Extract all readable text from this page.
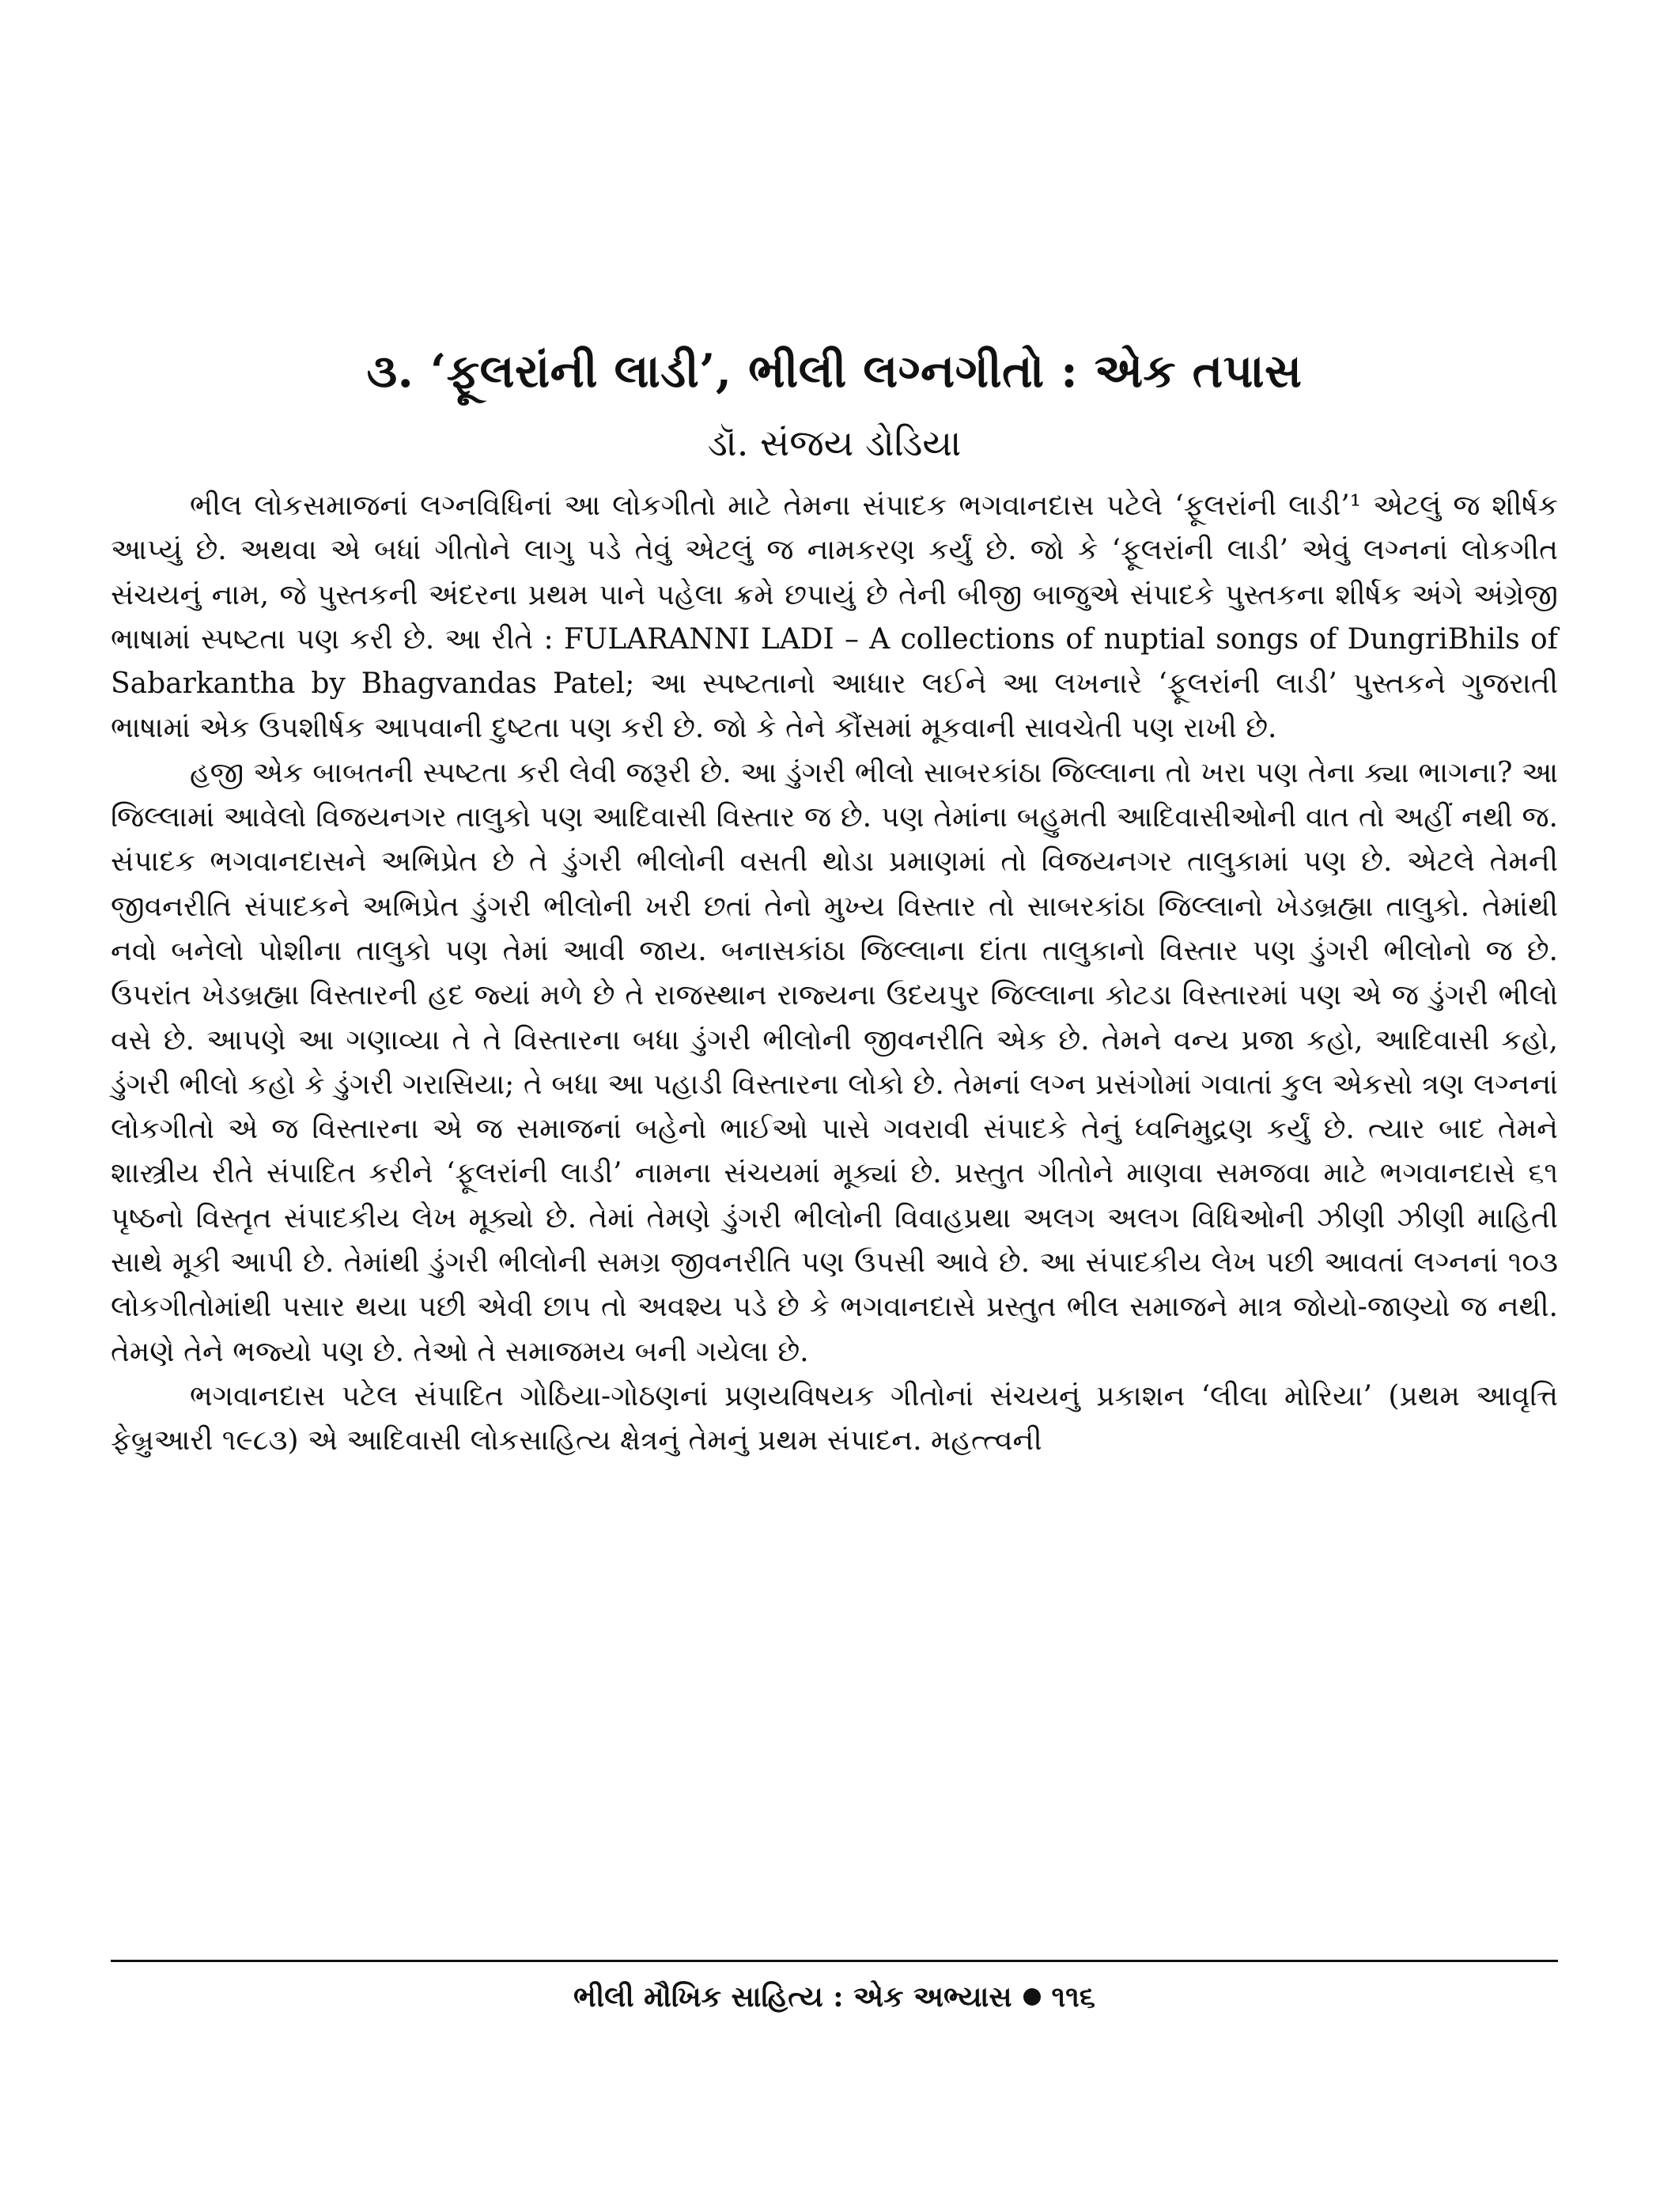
૩. ‘ફૂલરાંની લાડી’, ભીલી લગ્નગીતો : એક તપાસ
ડૉ. સંજય ડોડિયા

ભીલ લોકસમાજનાં લગ્નવિધિનાં આ લોકગીતો માટે તેમના સંપાદક ભગવાનદાસ પટેલે ‘ફૂલરાંની લાડી’¹ એટલું જ શીર્ષક આપ્યું છે. અથવા એ બધાં ગીતોને લાગુ પડે તેવું એટલું જ નામકરણ કર્યું છે. જો કે ‘ફૂલરાંની લાડી’ એવું લગ્નનાં લોકગીત સંચયનું નામ, જે પુસ્તકની અંદરના પ્રથમ પાને પહેલા ક્રમે છપાયું છે તેની બીજી બાજુએ સંપાદકે પુસ્તકના શીર્ષક અંગે અંગ્રેજી ભાષામાં સ્પષ્ટતા પણ કરી છે. આ રીતે : FULARANNI LADI – A collections of nuptial songs of DungriBhils of Sabarkantha by Bhagvandas Patel; આ સ્પષ્ટતાનો આધાર લઈને આ લખનારે ‘ફૂલરાંની લાડી’ પુસ્તકને ગુજરાતી ભાષામાં એક ઉપશીર્ષક આપવાની દુષ્ટતા પણ કરી છે. જો કે તેને કૌંસમાં મૂકવાની સાવચેતી પણ રાખી છે.

હજી એક બાબતની સ્પષ્ટતા કરી લેવી જરૂરી છે. આ ડુંગરી ભીલો સાબરકાંઠા જિલ્લાના તો ખરા પણ તેના ક્યા ભાગના? આ જિલ્લામાં આવેલો વિજયનગર તાલુકો પણ આદિવાસી વિસ્તાર જ છે. પણ તેમાંના બહુમતી આદિવાસીઓની વાત તો અહીં નથી જ. સંપાદક ભગવાનદાસને અભિપ્રેત છે તે ડુંગરી ભીલોની વસતી થોડા પ્રમાણમાં તો વિજયનગર તાલુકામાં પણ છે. એટલે તેમની જીવનરીતિ સંપાદકને અભિપ્રેત ડુંગરી ભીલોની ખરી છતાં તેનો મુખ્ય વિસ્તાર તો સાબરકાંઠા જિલ્લાનો ખેડબ્રહ્મા તાલુકો. તેમાંથી નવો બનેલો પોશીના તાલુકો પણ તેમાં આવી જાય. બનાસકાંઠા જિલ્લાના દાંતા તાલુકાનો વિસ્તાર પણ ડુંગરી ભીલોનો જ છે. ઉપરાંત ખેડબ્રહ્મા વિસ્તારની હદ જ્યાં મળે છે તે રાજસ્થાન રાજ્યના ઉદયપુર જિલ્લાના કોટડા વિસ્તારમાં પણ એ જ ડુંગરી ભીલો વસે છે. આપણે આ ગણાવ્યા તે તે વિસ્તારના બધા ડુંગરી ભીલોની જીવનરીતિ એક છે. તેમને વન્ય પ્રજા કહો, આદિવાસી કહો, ડુંગરી ભીલો કહો કે ડુંગરી ગરાસિયા; તે બધા આ પહાડી વિસ્તારના લોકો છે. તેમનાં લગ્ન પ્રસંગોમાં ગવાતાં કુલ એકસો ત્રણ લગ્નનાં લોકગીતો એ જ વિસ્તારના એ જ સમાજનાં બહેનો ભાઈઓ પાસે ગવરાવી સંપાદકે તેનું ધ્વનિમુદ્રણ કર્યું છે. ત્યાર બાદ તેમને શાસ્ત્રીય રીતે સંપાદિત કરીને ‘ફૂલરાંની લાડી’ નામના સંચયમાં મૂક્યાં છે. પ્રસ્તુત ગીતોને માણવા સમજવા માટે ભગવાનદાસે ૬૧ પૃષ્ઠનો વિસ્તૃત સંપાદકીય લેખ મૂક્યો છે. તેમાં તેમણે ડુંગરી ભીલોની વિવાહપ્રથા અલગ અલગ વિધિઓની ઝીણી ઝીણી માહિતી સાથે મૂકી આપી છે. તેમાંથી ડુંગરી ભીલોની સમગ્ર જીવનરીતિ પણ ઉપસી આવે છે. આ સંપાદકીય લેખ પછી આવતાં લગ્નનાં ૧૦૩ લોકગીતોમાંથી પસાર થયા પછી એવી છાપ તો અવશ્ય પડે છે કે ભગવાનદાસે પ્રસ્તુત ભીલ સમાજને માત્ર જોયો-જાણ્યો જ નથી. તેમણે તેને ભજ્યો પણ છે. તેઓ તે સમાજમય બની ગયેલા છે.

ભગવાનદાસ પટેલ સંપાદિત ગોઠિયા-ગોઠણનાં પ્રણયવિષયક ગીતોનાં સંચયનું પ્રકાશન ‘લીલા મોરિયા’ (પ્રથમ આવૃત્તિ ફેબ્રુઆરી ૧૯૮૩) એ આદિવાસી લોકસાહિત્ય ક્ષેત્રનું તેમનું પ્રથમ સંપાદન. મહત્ત્વની

ભીલી મૌખિક સાહિત્ય : એક અભ્યાસ ૧૧૬
